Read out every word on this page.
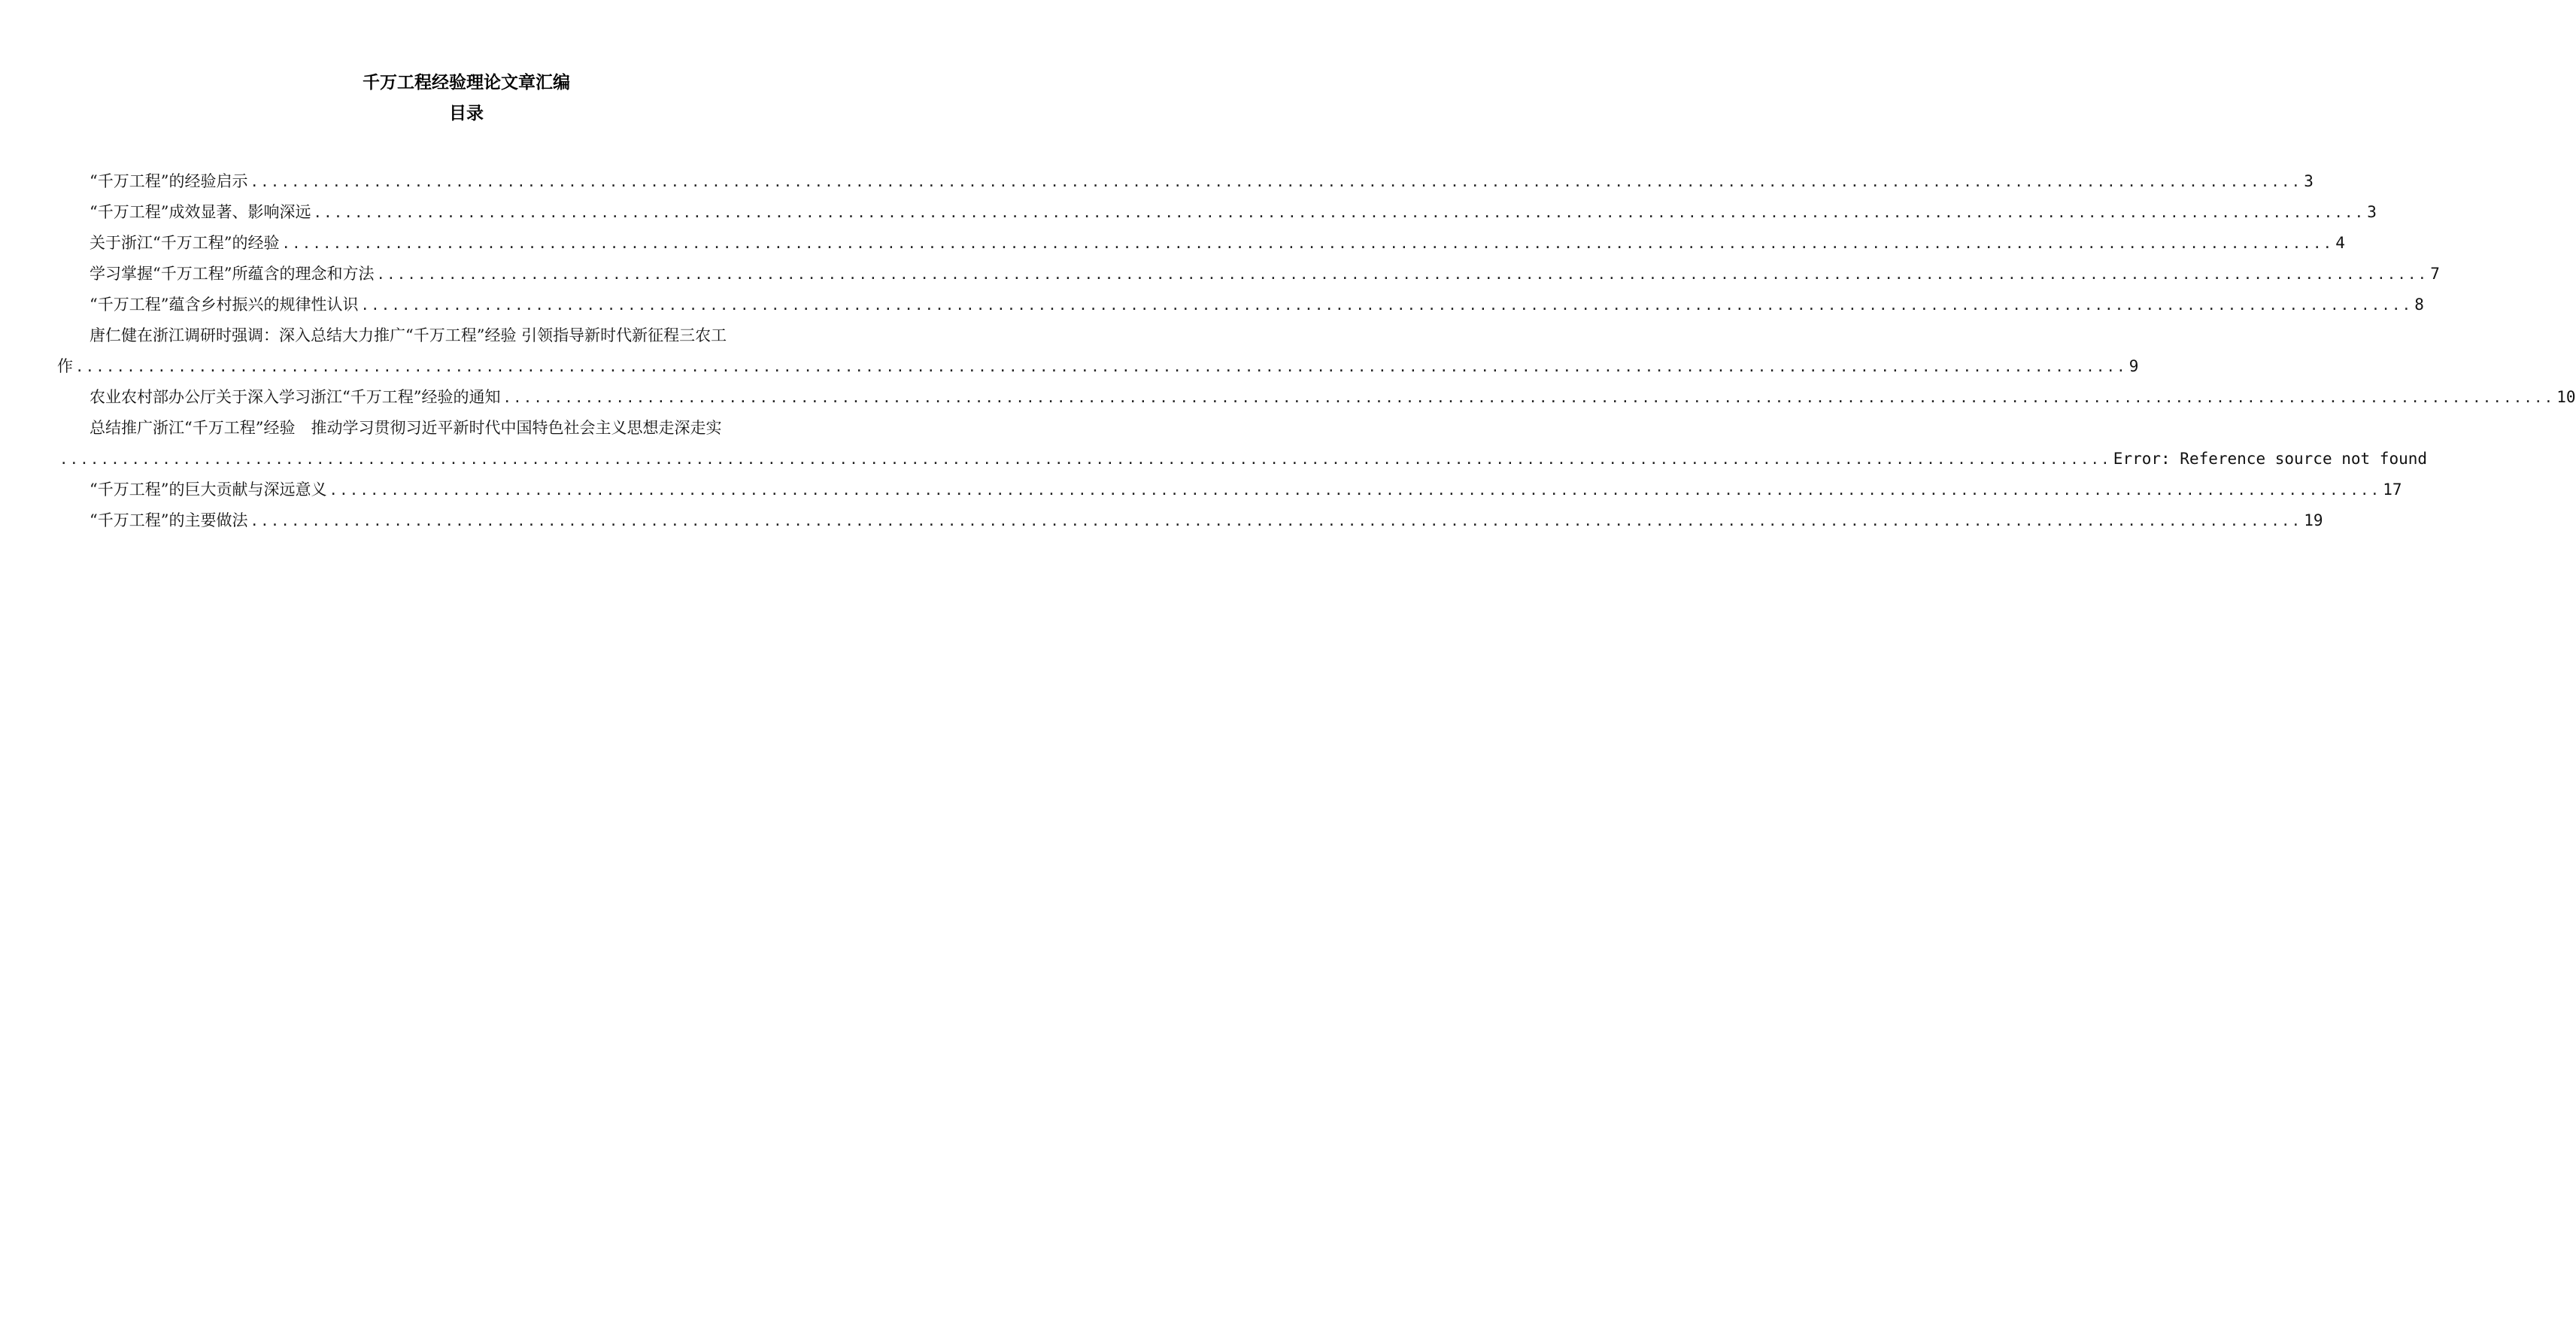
千万工程经验理论文章汇编
目录
“千万工程”的经验启示 ........................................................................................................................................................................................................ 3
“千万工程”成效显著、影响深远 ........................................................................................................................................................................................................ 3
关于浙江“千万工程”的经验 ........................................................................................................................................................................................................ 4
学习掌握“千万工程”所蕴含的理念和方法 ........................................................................................................................................................................................................ 7
“千万工程”蕴含乡村振兴的规律性认识 ........................................................................................................................................................................................................ 8
唐仁健在浙江调研时强调：深入总结大力推广“千万工程”经验 引领指导新时代新征程三农工
作 ........................................................................................................................................................................................................ 9
农业农村部办公厅关于深入学习浙江“千万工程”经验的通知 ........................................................................................................................................................................................................ 10
总结推广浙江“千万工程”经验　推动学习贯彻习近平新时代中国特色社会主义思想走深走实
........................................................................................................................................................................................................ Error: Reference source not found
“千万工程”的巨大贡献与深远意义 ........................................................................................................................................................................................................ 17
“千万工程”的主要做法 ........................................................................................................................................................................................................ 19
